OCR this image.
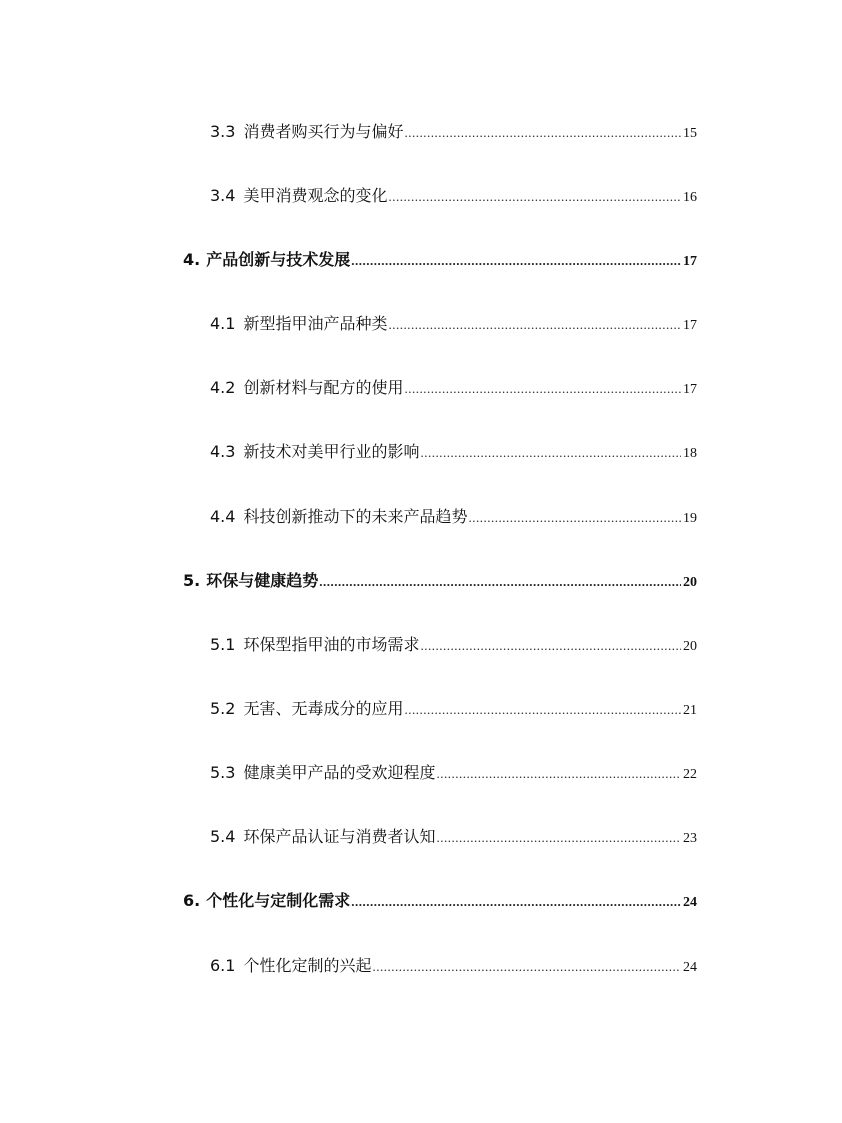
3.3 消费者购买行为与偏好 .....	15
3.4 美甲消费观念的变化 .....	16
4. 产品创新与技术发展 .....	17
4.1 新型指甲油产品种类 .....	17
4.2 创新材料与配方的使用 .....	17
4.3 新技术对美甲行业的影响 .....	18
4.4 科技创新推动下的未来产品趋势 .....	19
5. 环保与健康趋势 .....	20
5.1 环保型指甲油的市场需求 .....	20
5.2 无害、无毒成分的应用 .....	21
5.3 健康美甲产品的受欢迎程度 .....	22
5.4 环保产品认证与消费者认知 .....	23
6. 个性化与定制化需求 .....	24
6.1 个性化定制的兴起 .....	24
